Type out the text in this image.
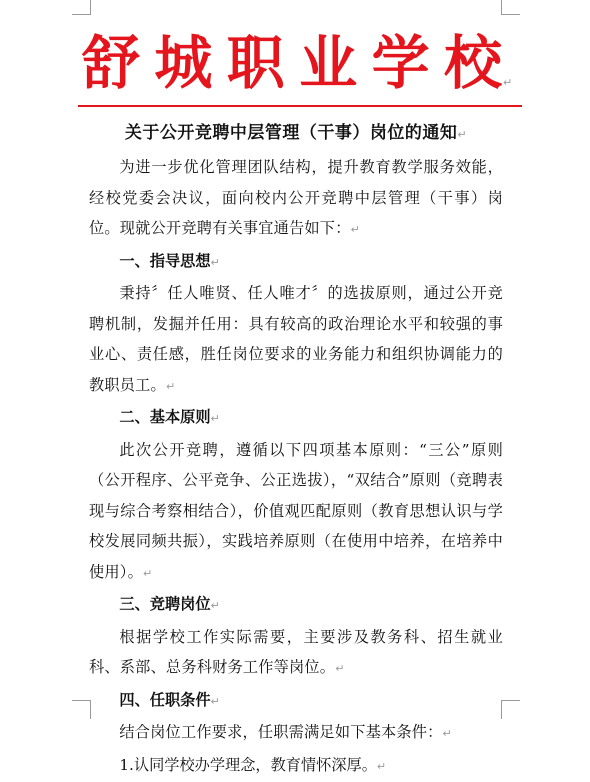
舒 城 职 业 学 校 ↵

关于公开竞聘中层管理（干事）岗位的通知↵

为进一步优化管理团队结构，提升教育教学服务效能，经校党委会决议，面向校内公开竞聘中层管理（干事）岗位。现就公开竞聘有关事宜通告如下：↵

一、指导思想↵

秉持〞任人唯贤、任人唯才〞的选拔原则，通过公开竞聘机制，发掘并任用：具有较高的政治理论水平和较强的事业心、责任感，胜任岗位要求的业务能力和组织协调能力的教职员工。↵

二、基本原则↵

此次公开竞聘，遵循以下四项基本原则：“三公”原则（公开程序、公平竞争、公正选拔），“双结合”原则（竞聘表现与综合考察相结合），价值观匹配原则（教育思想认识与学校发展同频共振），实践培养原则（在使用中培养，在培养中使用）。↵

三、竞聘岗位↵

根据学校工作实际需要，主要涉及教务科、招生就业科、系部、总务科财务工作等岗位。↵

四、任职条件↵

结合岗位工作要求，任职需满足如下基本条件：↵

1.认同学校办学理念，教育情怀深厚。↵
